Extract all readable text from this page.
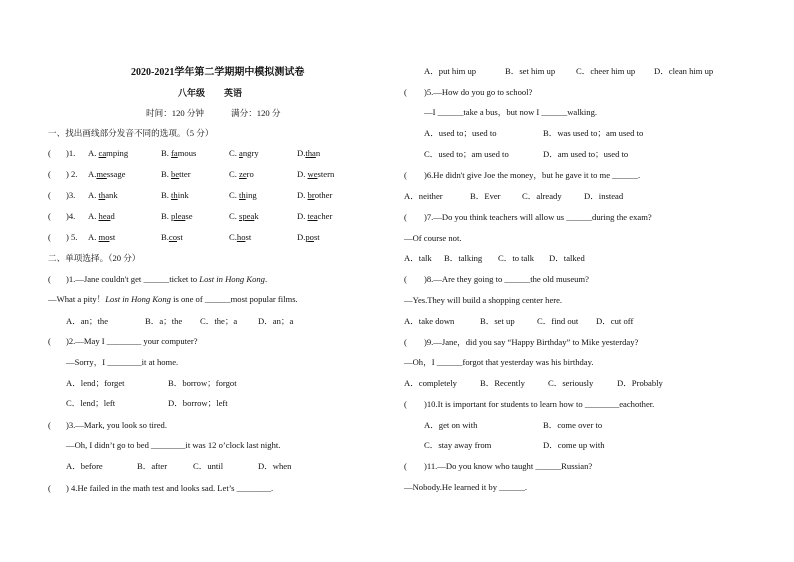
2020-2021学年第二学期期中模拟测试卷
八年级 英语
时间：120 分钟	满分：120 分
一、找出画线部分发音不同的选项。（5 分）
( )1. A. camping	B. famous	C. angry	D.than
( ) 2. A.message	B. better	C. zero	D. western
( )3. A. thank	B. think	C. thing	D. brother
( )4. A. head	B. please	C. speak	D. teacher
( ) 5. A. most	B.cost	C.host	D.post
二、单项选择。（20 分）
( )1.—Jane couldn't get ______ticket to Lost in Hong Kong.
—What a pity！Lost in Hong Kong is one of ______most popular films.
A．an；the	B．a；the C．the；a D．an；a
( )2.—May I ________ your computer?
—Sorry，I ________it at home.
A．lend；forget	B．borrow；forgot
C．lend；left	D．borrow；left
( )3.—Mark, you look so tired.
—Oh, I didn’t go to bed ________it was 12 o’clock last night.
A．before	B．after	C．until	D．when
( ) 4.He failed in the math test and looks sad. Let’s ________.
A．put him up	B．set him up C．cheer him up D．clean him up
( )5.—How do you go to school?
—I ______take a bus，but now I ______walking.
A．used to；used to	B．was used to；am used to
C．used to；am used to	D．am used to；used to
( )6.He didn't give Joe the money，but he gave it to me ______.
A．neither	B．Ever C．already	D．instead
( )7.—Do you think teachers will allow us ______during the exam?
—Of course not.
A．talk B．talking C．to talk D．talked
( )8.—Are they going to ______the old museum?
—Yes.They will build a shopping center here.
A．take down	B．set up	C．find out D．cut off
( )9.—Jane，did you say “Happy Birthday” to Mike yesterday?
—Oh，I ______forgot that yesterday was his birthday.
A．completely	B．Recently	C．seriously	D．Probably
( )10.It is important for students to learn how to ________eachother.
A．get on with	B．come over to
C．stay away from	D．come up with
( )11.—Do you know who taught ______Russian?
—Nobody.He learned it by ______.
